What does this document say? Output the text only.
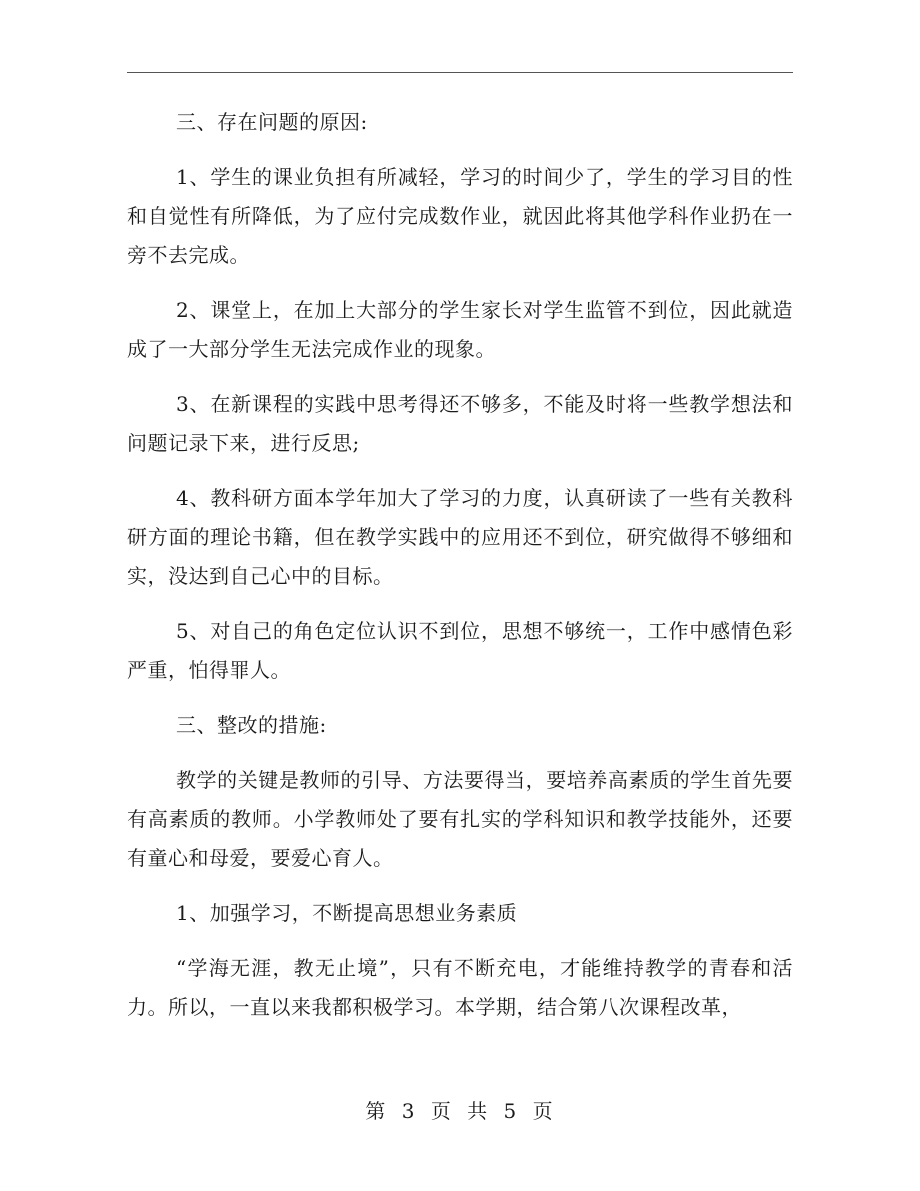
三、存在问题的原因:

1、学生的课业负担有所减轻，学习的时间少了，学生的学习目的性和自觉性有所降低，为了应付完成数作业，就因此将其他学科作业扔在一旁不去完成。

2、课堂上，在加上大部分的学生家长对学生监管不到位，因此就造成了一大部分学生无法完成作业的现象。

3、在新课程的实践中思考得还不够多，不能及时将一些教学想法和问题记录下来，进行反思;

4、教科研方面本学年加大了学习的力度，认真研读了一些有关教科研方面的理论书籍，但在教学实践中的应用还不到位，研究做得不够细和实，没达到自己心中的目标。

5、对自己的角色定位认识不到位，思想不够统一，工作中感情色彩严重，怕得罪人。

三、整改的措施:

教学的关键是教师的引导、方法要得当，要培养高素质的学生首先要有高素质的教师。小学教师处了要有扎实的学科知识和教学技能外，还要有童心和母爱，要爱心育人。

1、加强学习，不断提高思想业务素质

“学海无涯，教无止境”，只有不断充电，才能维持教学的青春和活力。所以，一直以来我都积极学习。本学期，结合第八次课程改革，

第 3 页 共 5 页
